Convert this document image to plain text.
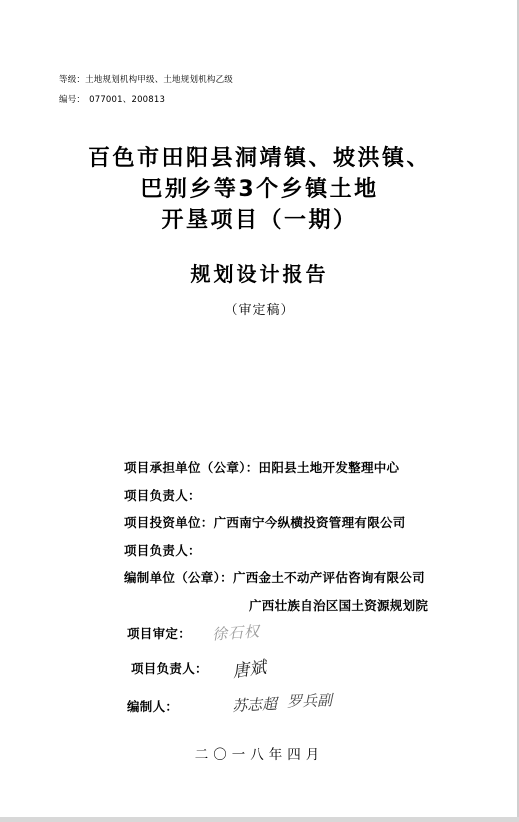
等级：土地规划机构甲级、土地规划机构乙级
编号： 077001、200813
百色市田阳县洞靖镇、坡洪镇、
巴别乡等3个乡镇土地
开垦项目（一期）
规划设计报告
（审定稿）
项目承担单位（公章）：田阳县土地开发整理中心
项目负责人：
项目投资单位：广西南宁今纵横投资管理有限公司
项目负责人：
编制单位（公章）：广西金土不动产评估咨询有限公司
广西壮族自治区国土资源规划院
项目审定：
项目负责人：
编制人：
徐石权
唐斌
苏志超 罗兵副
二〇一八年四月
